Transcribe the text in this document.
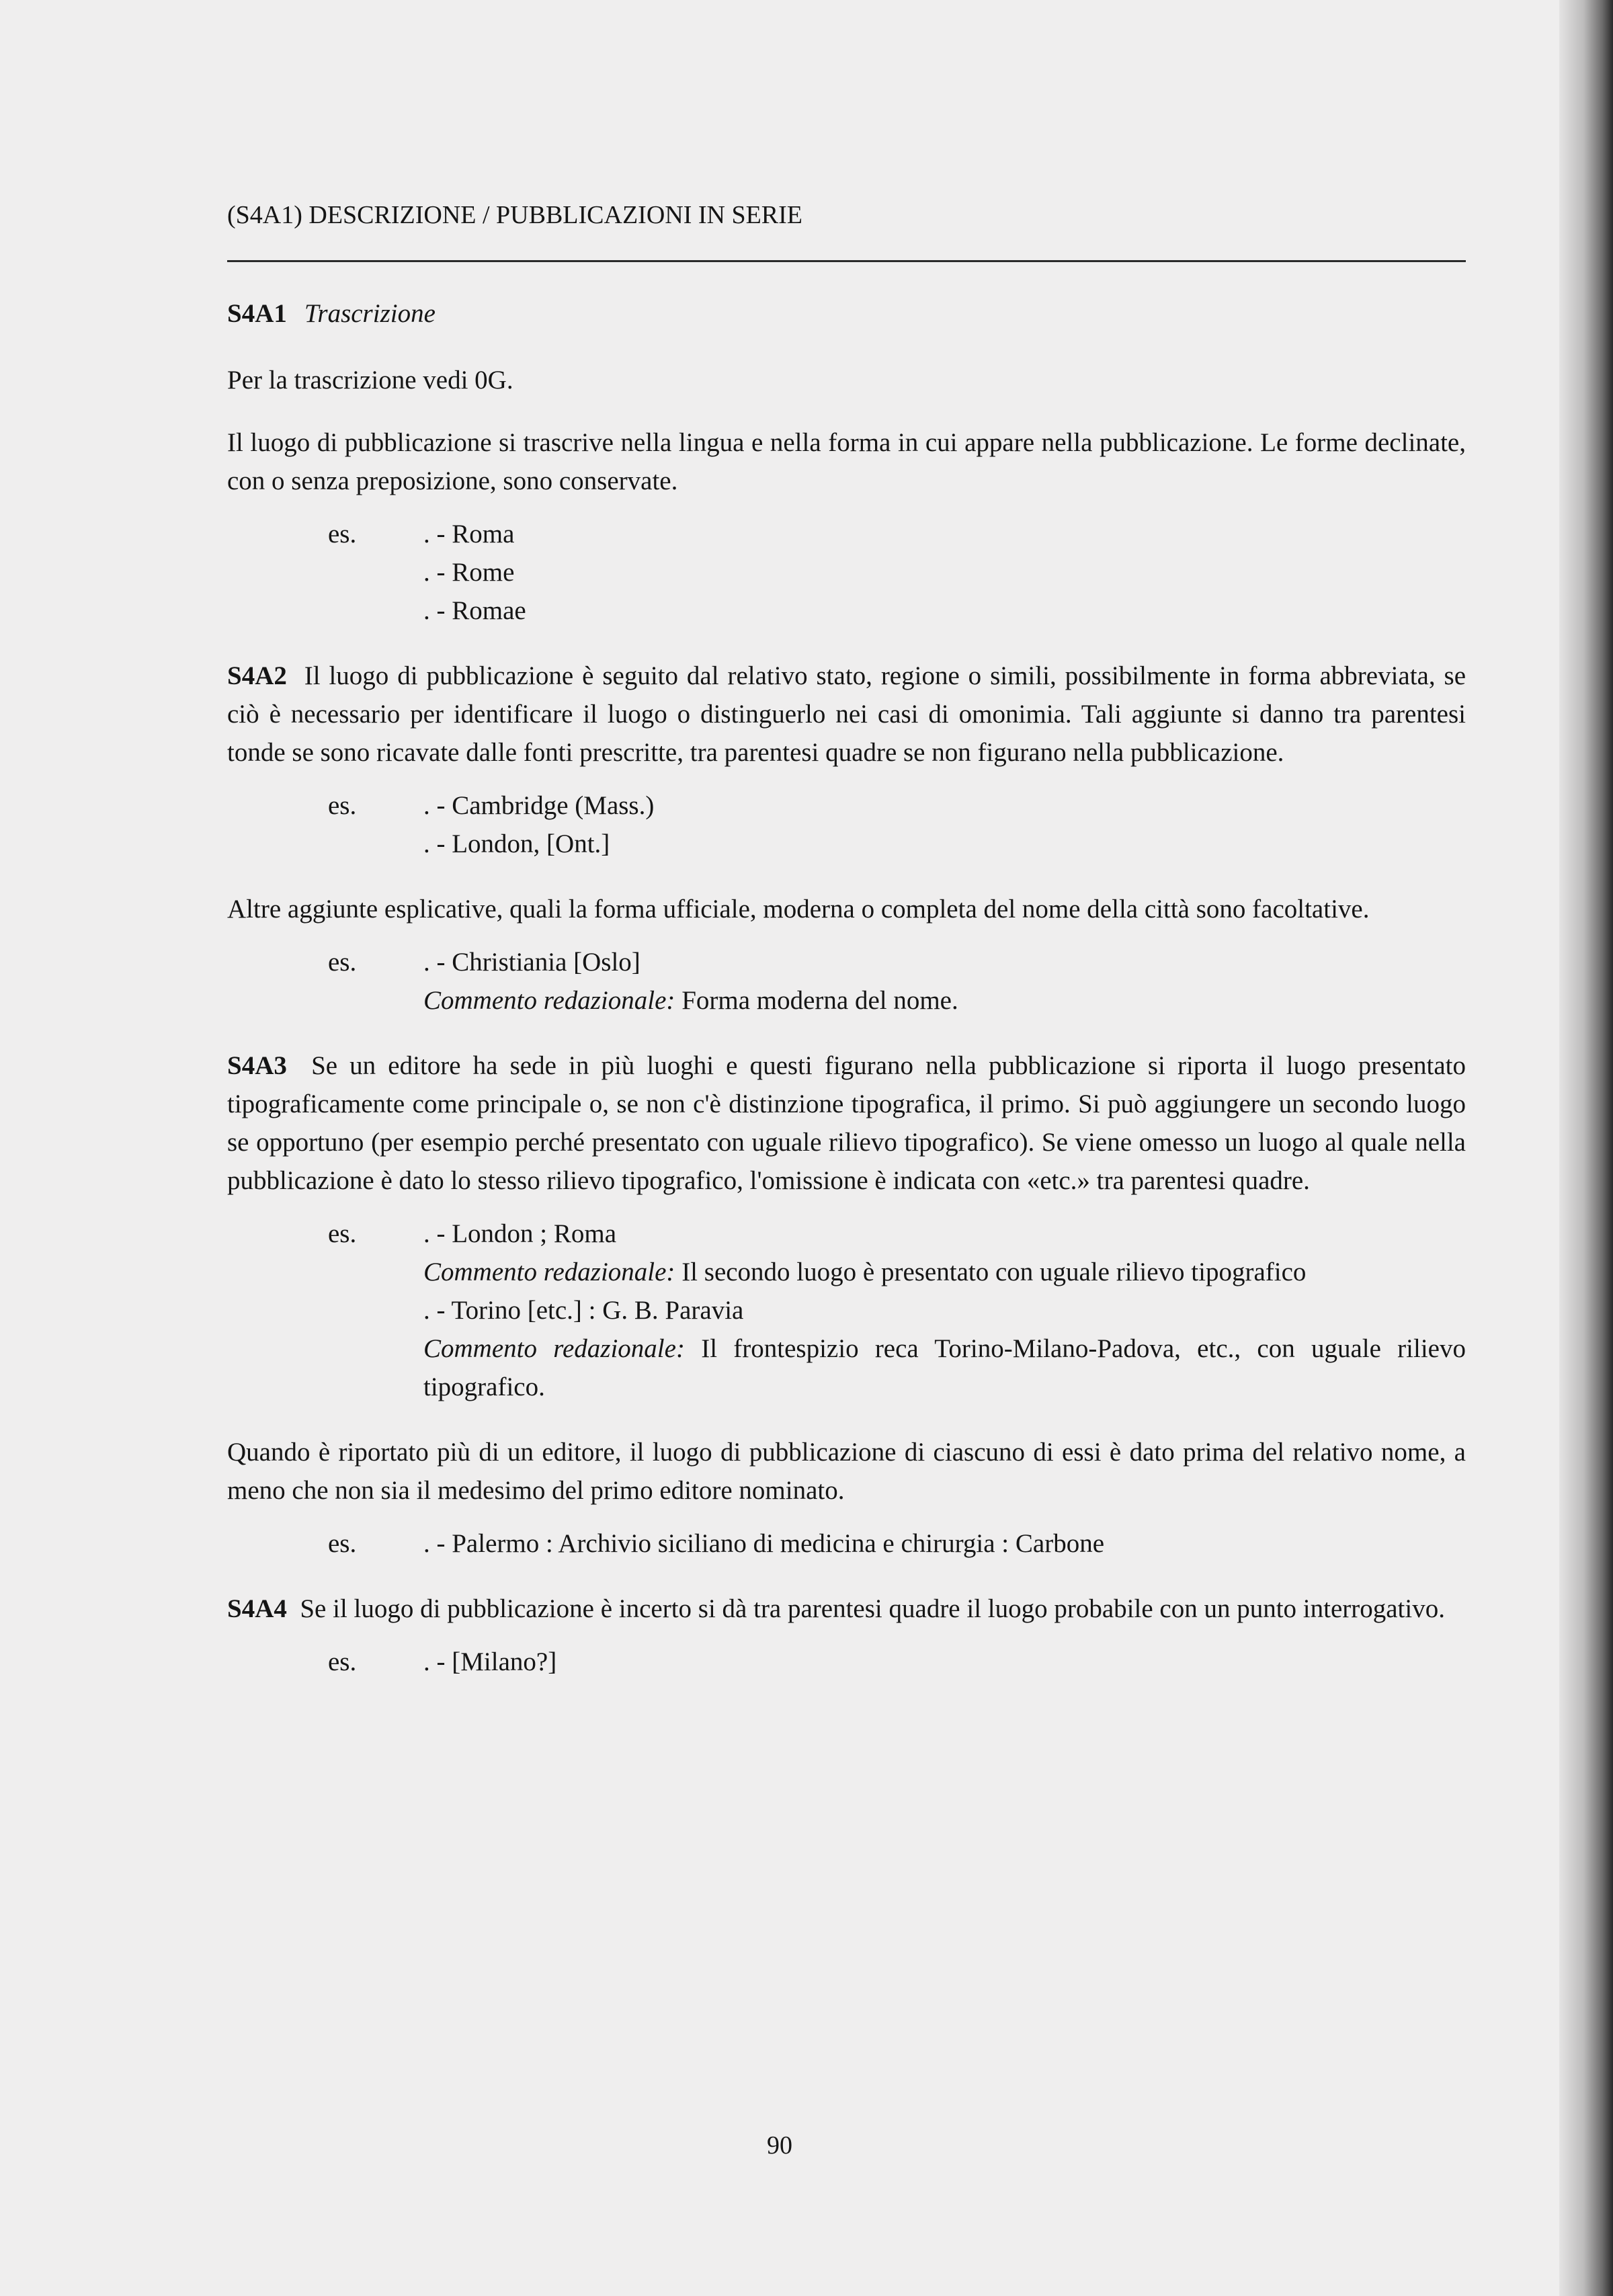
(S4A1) DESCRIZIONE / PUBBLICAZIONI IN SERIE
S4A1 Trascrizione

Per la trascrizione vedi 0G.

Il luogo di pubblicazione si trascrive nella lingua e nella forma in cui appare nella pubblicazione. Le forme declinate, con o senza preposizione, sono conservate.

es.	. - Roma
. - Rome
. - Romae

S4A2 Il luogo di pubblicazione è seguito dal relativo stato, regione o simili, possibilmente in forma abbreviata, se ciò è necessario per identificare il luogo o distinguerlo nei casi di omonimia. Tali aggiunte si danno tra parentesi tonde se sono ricavate dalle fonti prescritte, tra parentesi quadre se non figurano nella pubblicazione.

es.	. - Cambridge (Mass.)
. - London, [Ont.]

Altre aggiunte esplicative, quali la forma ufficiale, moderna o completa del nome della città sono facoltative.

es.	. - Christiania [Oslo]
Commento redazionale: Forma moderna del nome.

S4A3 Se un editore ha sede in più luoghi e questi figurano nella pubblicazione si riporta il luogo presentato tipograficamente come principale o, se non c'è distinzione tipografica, il primo. Si può aggiungere un secondo luogo se opportuno (per esempio perché presentato con uguale rilievo tipografico). Se viene omesso un luogo al quale nella pubblicazione è dato lo stesso rilievo tipografico, l'omissione è indicata con «etc.» tra parentesi quadre.

es.	. - London ; Roma
Commento redazionale: Il secondo luogo è presentato con uguale rilievo tipografico
. - Torino [etc.] : G. B. Paravia
Commento redazionale: Il frontespizio reca Torino-Milano-Padova, etc., con uguale rilievo tipografico.

Quando è riportato più di un editore, il luogo di pubblicazione di ciascuno di essi è dato prima del relativo nome, a meno che non sia il medesimo del primo editore nominato.

es.	. - Palermo : Archivio siciliano di medicina e chirurgia : Carbone

S4A4 Se il luogo di pubblicazione è incerto si dà tra parentesi quadre il luogo probabile con un punto interrogativo.

es.	. - [Milano?]
90
